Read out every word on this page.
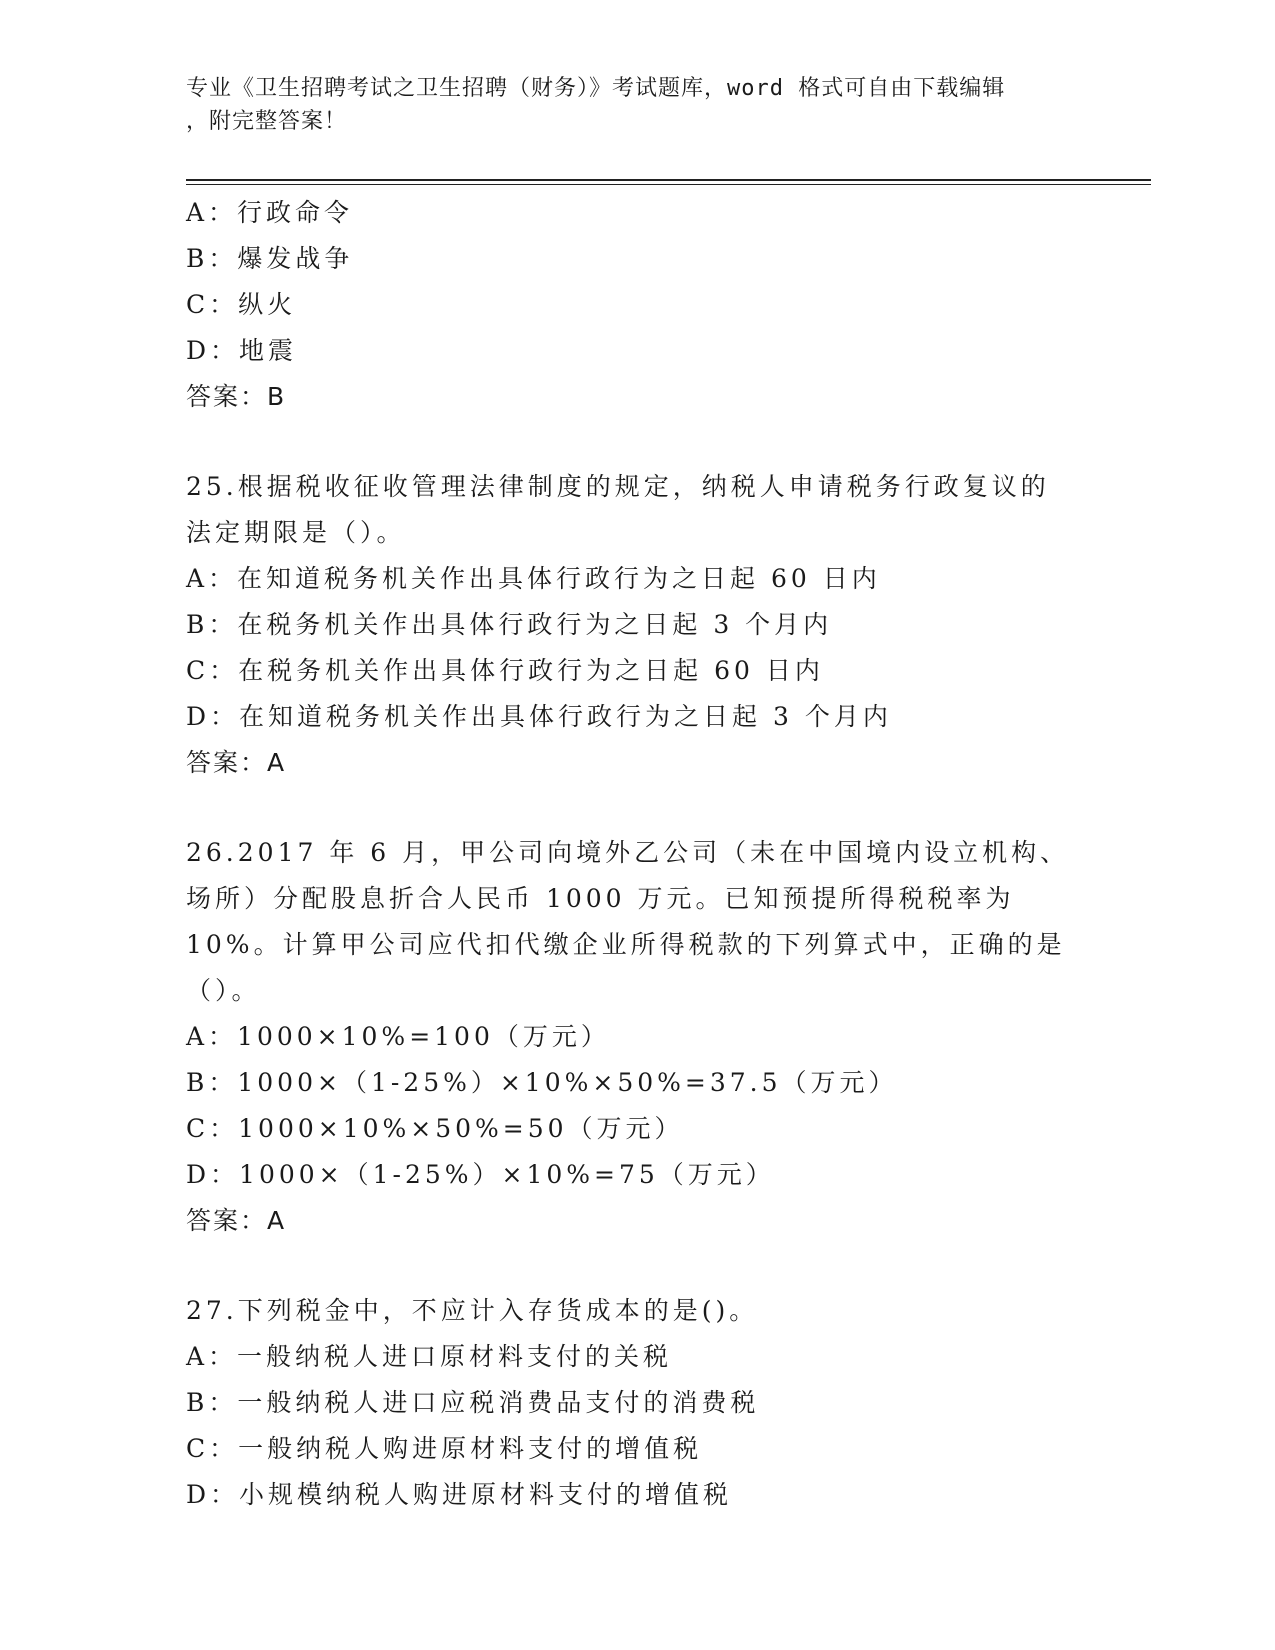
专业《卫生招聘考试之卫生招聘（财务）》考试题库，word 格式可自由下载编辑
，附完整答案！
A：行政命令
B：爆发战争
C：纵火
D：地震
答案：B
25.根据税收征收管理法律制度的规定，纳税人申请税务行政复议的法定期限是（）。
A：在知道税务机关作出具体行政行为之日起 60 日内
B：在税务机关作出具体行政行为之日起 3 个月内
C：在税务机关作出具体行政行为之日起 60 日内
D：在知道税务机关作出具体行政行为之日起 3 个月内
答案：A
26.2017 年 6 月，甲公司向境外乙公司（未在中国境内设立机构、场所）分配股息折合人民币 1000 万元。已知预提所得税税率为 10%。计算甲公司应代扣代缴企业所得税款的下列算式中，正确的是（）。
A：1000×10%=100（万元）
B：1000×（1-25%）×10%×50%=37.5（万元）
C：1000×10%×50%=50（万元）
D：1000×（1-25%）×10%=75（万元）
答案：A
27.下列税金中，不应计入存货成本的是()。
A：一般纳税人进口原材料支付的关税
B：一般纳税人进口应税消费品支付的消费税
C：一般纳税人购进原材料支付的增值税
D：小规模纳税人购进原材料支付的增值税
